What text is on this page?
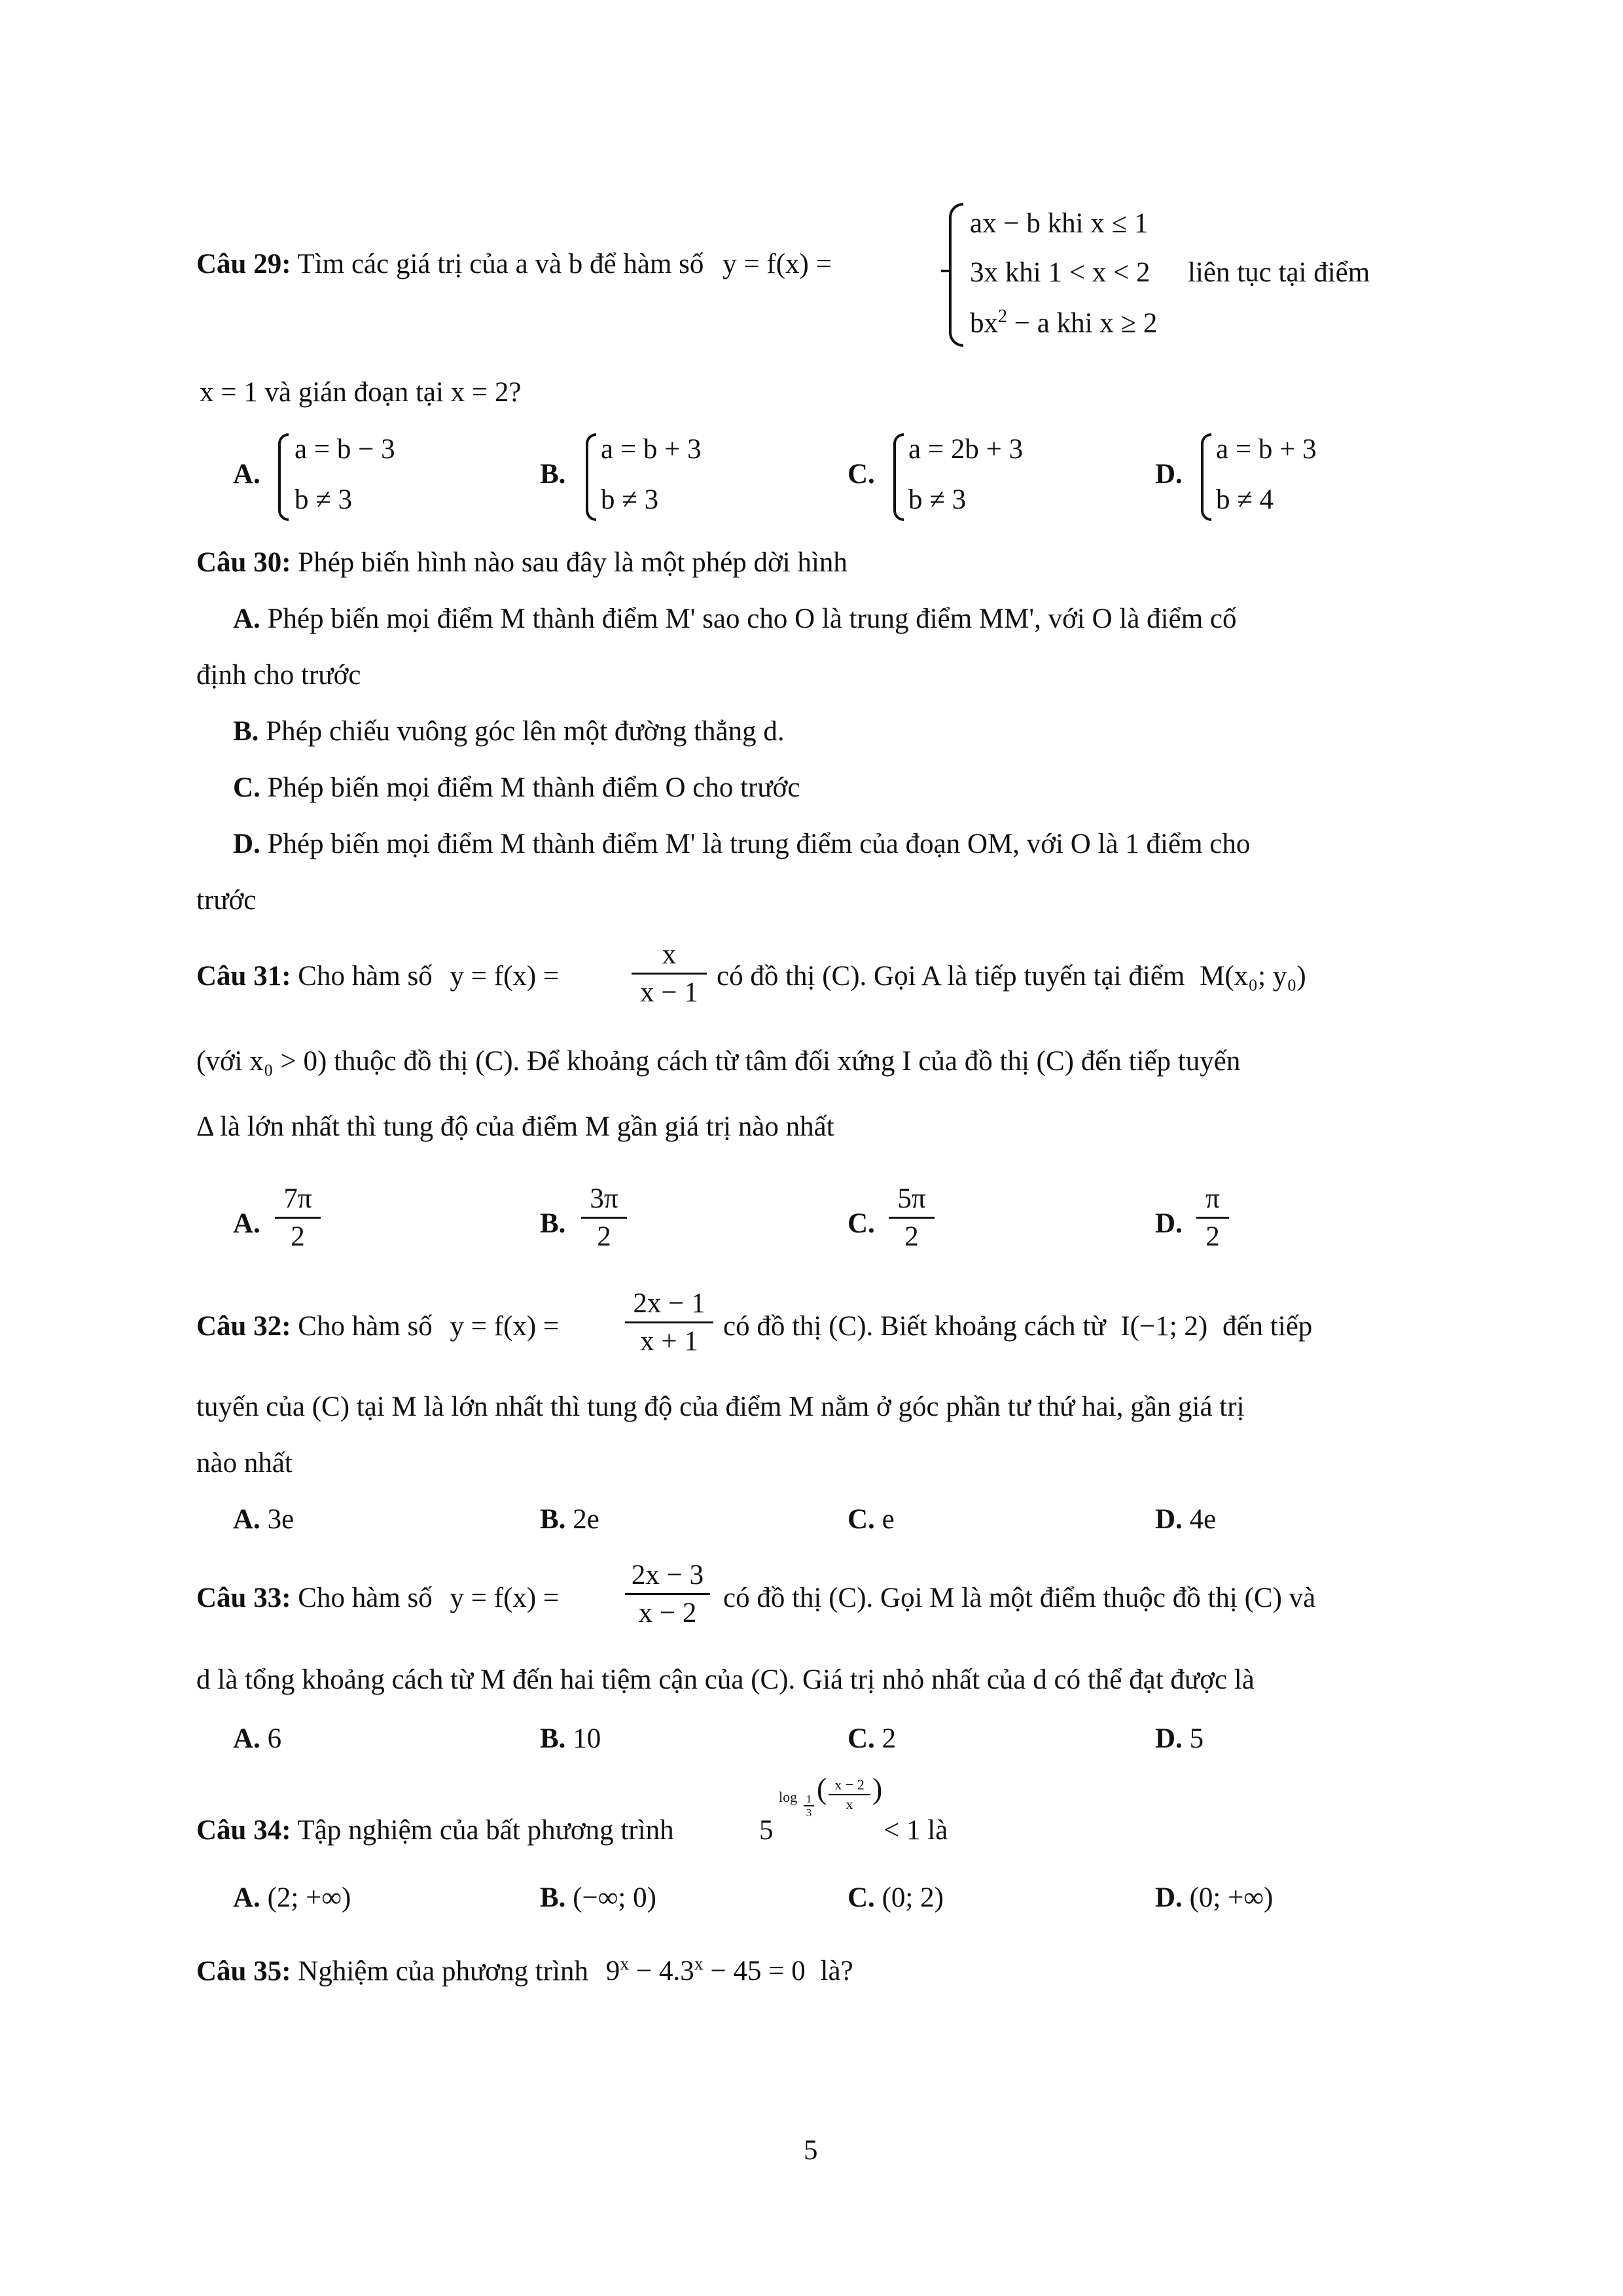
Câu 29: Tìm các giá trị của a và b để hàm số y = f(x) =
ax − b khi x ≤ 1
3x khi 1 < x < 2
$bx^2 - a$ khi x ≥ 2
liên tục tại điểm
x = 1 và gián đoạn tại x = 2?
A.
a = b − 3
b ≠ 3
B.
a = b + 3
b ≠ 3
C.
a = 2b + 3
b ≠ 3
D.
a = b + 3
b ≠ 4
Câu 30: Phép biến hình nào sau đây là một phép dời hình
A. Phép biến mọi điểm M thành điểm M' sao cho O là trung điểm MM', với O là điểm cố
định cho trước
B. Phép chiếu vuông góc lên một đường thẳng d.
C. Phép biến mọi điểm M thành điểm O cho trước
D. Phép biến mọi điểm M thành điểm M' là trung điểm của đoạn OM, với O là 1 điểm cho
trước
Câu 31: Cho hàm số y = f(x) =
x
x − 1
có đồ thị (C). Gọi A là tiếp tuyến tại điểm M(x₀; y₀)
(với x₀ > 0) thuộc đồ thị (C). Để khoảng cách từ tâm đối xứng I của đồ thị (C) đến tiếp tuyến
Δ là lớn nhất thì tung độ của điểm M gần giá trị nào nhất
A.
7π
2	B.
3π
2	C.
5π
2	D.
π
2
Câu 32: Cho hàm số y = f(x) =
2x − 1
x + 1 có đồ thị (C). Biết khoảng cách từ I(−1; 2) đến tiếp
tuyến của (C) tại M là lớn nhất thì tung độ của điểm M nằm ở góc phần tư thứ hai, gần giá trị
nào nhất
A. 3e	B. 2e	C. e	D. 4e
Câu 33: Cho hàm số y = f(x) =
2x − 3
x − 2 có đồ thị (C). Gọi M là một điểm thuộc đồ thị (C) và
d là tổng khoảng cách từ M đến hai tiệm cận của (C). Giá trị nhỏ nhất của d có thể đạt được là
A. 6	B. 10	C. 2	D. 5
Câu 34: Tập nghiệm của bất phương trình	5
log 1
3
( x − 2
x )
< 1 là
A. (2; +∞)	B. (−∞; 0)	C. (0; 2)	D. (0; +∞)
Câu 35: Nghiệm của phương trình $9^x - 4.3^x - 45 = 0$ là?
5
